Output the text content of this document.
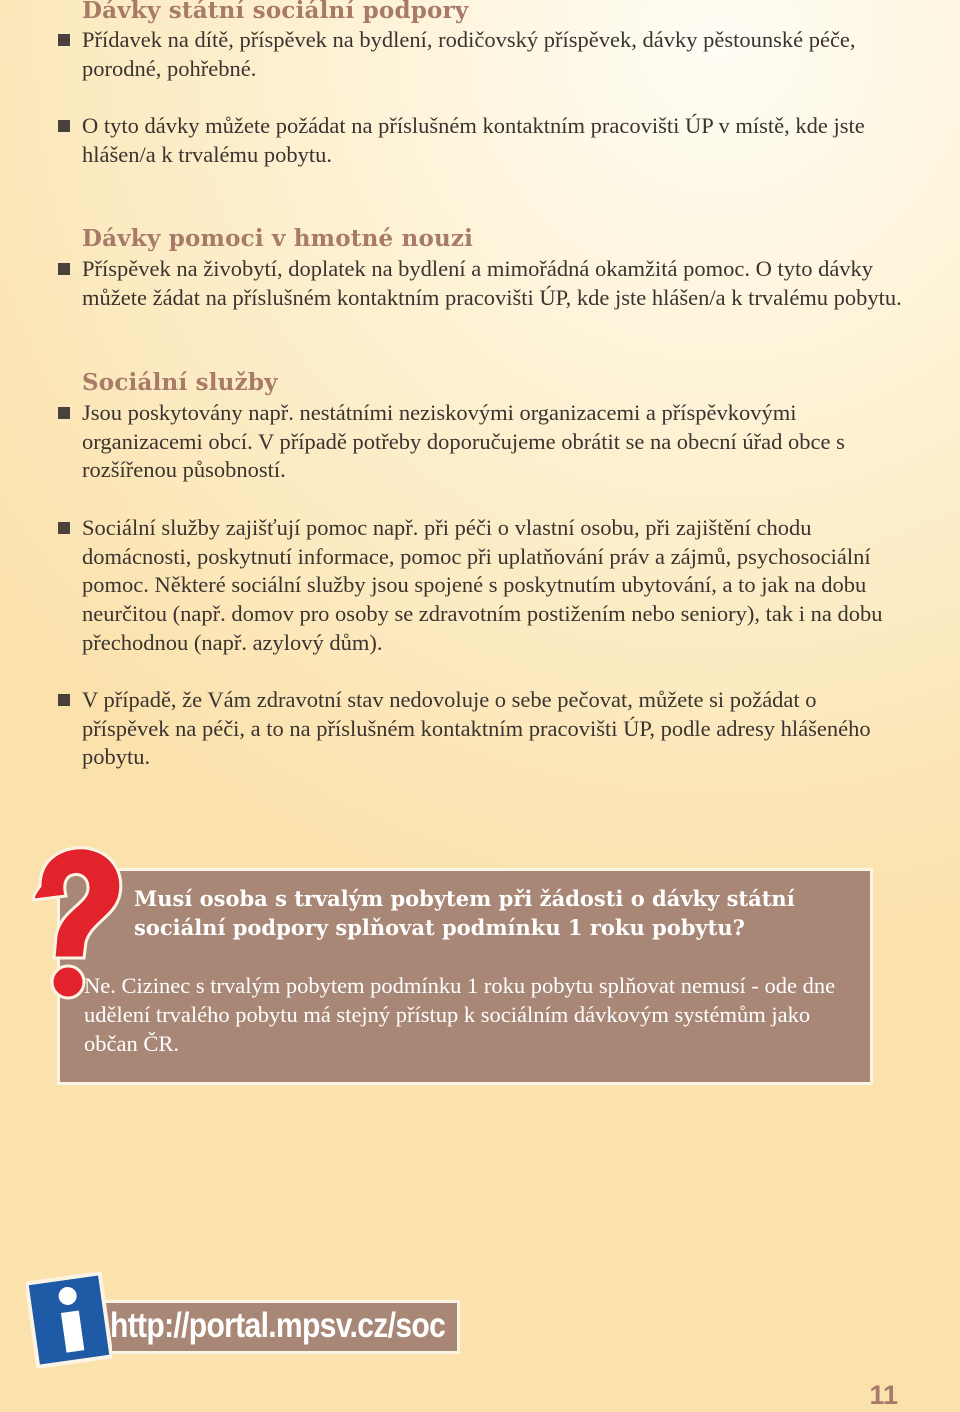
Dávky státní sociální podpory

Přídavek na dítě, příspěvek na bydlení, rodičovský příspěvek, dávky pěstounské péče, porodné, pohřebné.

O tyto dávky můžete požádat na příslušném kontaktním pracovišti ÚP v místě, kde jste hlášen/a k trvalému pobytu.

Dávky pomoci v hmotné nouzi

Příspěvek na živobytí, doplatek na bydlení a mimořádná okamžitá pomoc. O tyto dávky můžete žádat na příslušném kontaktním pracovišti ÚP, kde jste hlášen/a k trvalému pobytu.

Sociální služby

Jsou poskytovány např. nestátními neziskovými organizacemi a příspěvkovými organizacemi obcí. V případě potřeby doporučujeme obrátit se na obecní úřad obce s rozšířenou působností.

Sociální služby zajišťují pomoc např. při péči o vlastní osobu, při zajištění chodu domácnosti, poskytnutí informace, pomoc při uplatňování práv a zájmů, psychosociální pomoc. Některé sociální služby jsou spojené s poskytnutím ubytování, a to jak na dobu neurčitou (např. domov pro osoby se zdravotním postižením nebo seniory), tak i na dobu přechodnou (např. azylový dům).

V případě, že Vám zdravotní stav nedovoluje o sebe pečovat, můžete si požádat o příspěvek na péči, a to na příslušném kontaktním pracovišti ÚP, podle adresy hlášeného pobytu.

Musí osoba s trvalým pobytem při žádosti o dávky státní sociální podpory splňovat podmínku 1 roku pobytu?

Ne. Cizinec s trvalým pobytem podmínku 1 roku pobytu splňovat nemusí - ode dne udělení trvalého pobytu má stejný přístup k sociálním dávkovým systémům jako občan ČR.

http://portal.mpsv.cz/soc
11
